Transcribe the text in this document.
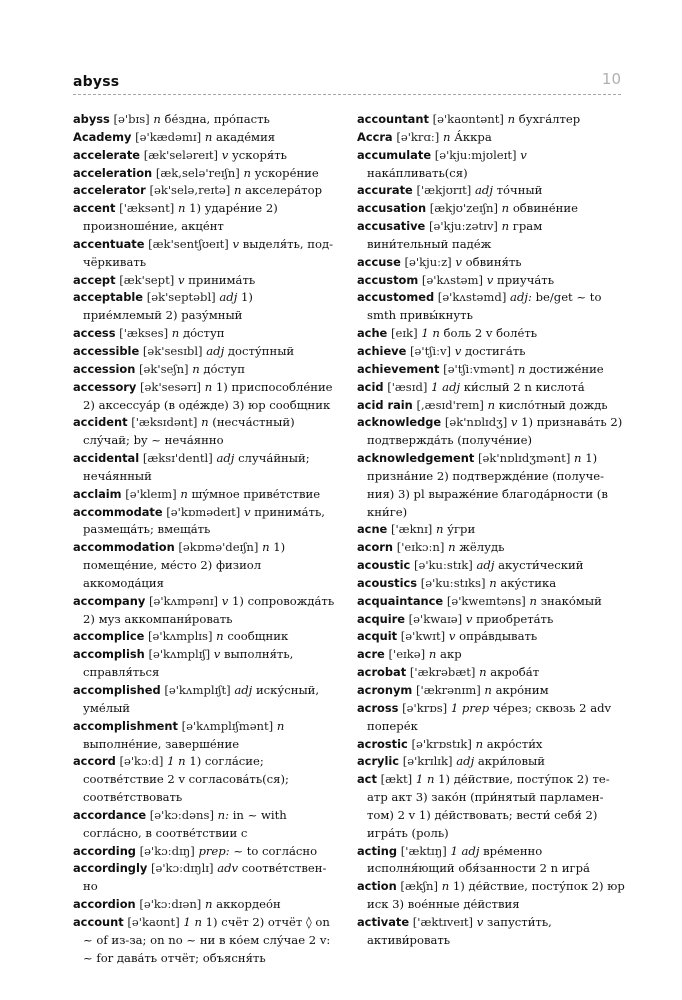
abyss	10

abyss [ə'bɪs] n бе́здна, про́пасть

Academy [ə'kædəmɪ] n акаде́мия

accelerate [æk'seləreɪt] v ускоря́ть

acceleration [æk,selə'reɪʃn] n ускоре́ние

accelerator [ək'selə,reɪtə] n акселера́тор

accent ['æksənt] n 1) ударе́ние 2) произноше́ние, акце́нт

accentuate [æk'sentʃʊeɪt] v выделя́ть, под-чёркивать

accept [æk'sept] v принима́ть

acceptable [ək'septəbl] adj 1) прие́млемый 2) разу́мный

access ['ækses] n до́ступ

accessible [ək'sesɪbl] adj досту́пный

accession [ək'seʃn] n до́ступ

accessory [ək'sesərɪ] n 1) приспособле́ние 2) аксессуа́р (в оде́жде) 3) юр сообщник

accident ['æksɪdənt] n (несча́стный) слу́чай; by ~ неча́янно

accidental [æksɪ'dentl] adj случа́йный; неча́янный

acclaim [ə'kleɪm] n шу́мное приве́тствие

accommodate [ə'kɒmədeɪt] v принима́ть, размеща́ть; вмеща́ть

accommodation [əkɒmə'deɪʃn] n 1) помеще́ние, ме́сто 2) физиол аккомода́ция

accompany [ə'kʌmpənɪ] v 1) сопровожда́ть 2) муз аккомпани́ровать

accomplice [ə'kʌmplɪs] n сообщник

accomplish [ə'kʌmplɪʃ] v выполня́ть, справля́ться

accomplished [ə'kʌmplɪʃt] adj иску́сный, уме́лый

accomplishment [ə'kʌmplɪʃmənt] n выполне́ние, заверше́ние

accord [ə'kɔːd] 1 n 1) согла́сие; соотве́тствие 2 v согласова́ть(ся); соотве́тствовать

accordance [ə'kɔːdəns] n: in ~ with согла́сно, в соотве́тствии с

according [ə'kɔːdɪŋ] prep: ~ to согла́сно

accordingly [ə'kɔːdɪŋlɪ] adv соотве́тствен-но

accordion [ə'kɔːdɪən] n аккордео́н

account [ə'kaʊnt] 1 n 1) счёт 2) отчёт ◊ on ~ of из-за; on no ~ ни в ко́ем слу́чае 2 v: ~ for дава́ть отчёт; объясня́ть

accountant [ə'kaʊntənt] n бухга́лтер

Accra [ə'krɑː] n А́ккра

accumulate [ə'kjuːmjʊleɪt] v нака́пливать(ся)

accurate ['ækjʊrɪt] adj то́чный

accusation [ækjʊ'zeɪʃn] n обвине́ние

accusative [ə'kjuːzətɪv] n грам вини́тельный паде́ж

accuse [ə'kjuːz] v обвиня́ть

accustom [ə'kʌstəm] v приуча́ть

accustomed [ə'kʌstəmd] adj: be/get ~ to smth привы́кнуть

ache [eɪk] 1 n боль 2 v боле́ть

achieve [ə'tʃiːv] v достига́ть

achievement [ə'tʃiːvmənt] n достиже́ние

acid ['æsɪd] 1 adj ки́слый 2 n кислота́

acid rain [,æsɪd'reɪn] n кисло́тный дождь

acknowledge [ək'nɒlɪdʒ] v 1) признава́ть 2) подтвержда́ть (получе́ние)

acknowledgement [ək'nɒlɪdʒmənt] n 1) призна́ние 2) подтвержде́ние (получе-ния) 3) pl выраже́ние благода́рности (в кни́ге)

acne ['æknɪ] n у́гри

acorn ['eɪkɔːn] n жёлудь

acoustic [ə'kuːstɪk] adj акусти́ческий

acoustics [ə'kuːstɪks] n аку́стика

acquaintance [ə'kweɪntəns] n знако́мый

acquire [ə'kwaɪə] v приобрета́ть

acquit [ə'kwɪt] v опра́вдывать

acre ['eɪkə] n акр

acrobat ['ækrəbæt] n акроба́т

acronym ['ækrənɪm] n акро́ним

across [ə'krɒs] 1 prep че́рез; сквозь 2 adv попере́к

acrostic [ə'krɒstɪk] n акро́сти́х

acrylic [ə'krɪlɪk] adj акри́ловый

act [ækt] 1 n 1) де́йствие, посту́пок 2) те-атр акт 3) зако́н (при́нятый парламен-том) 2 v 1) де́йствовать; вести́ себя́ 2) игра́ть (роль)

acting ['æktɪŋ] 1 adj вре́менно исполня́ющий обя́занности 2 n игра́

action [ækʃn] n 1) де́йствие, посту́пок 2) юр иск 3) вое́нные де́йствия

activate ['æktɪveɪt] v запусти́ть, активи́ровать
